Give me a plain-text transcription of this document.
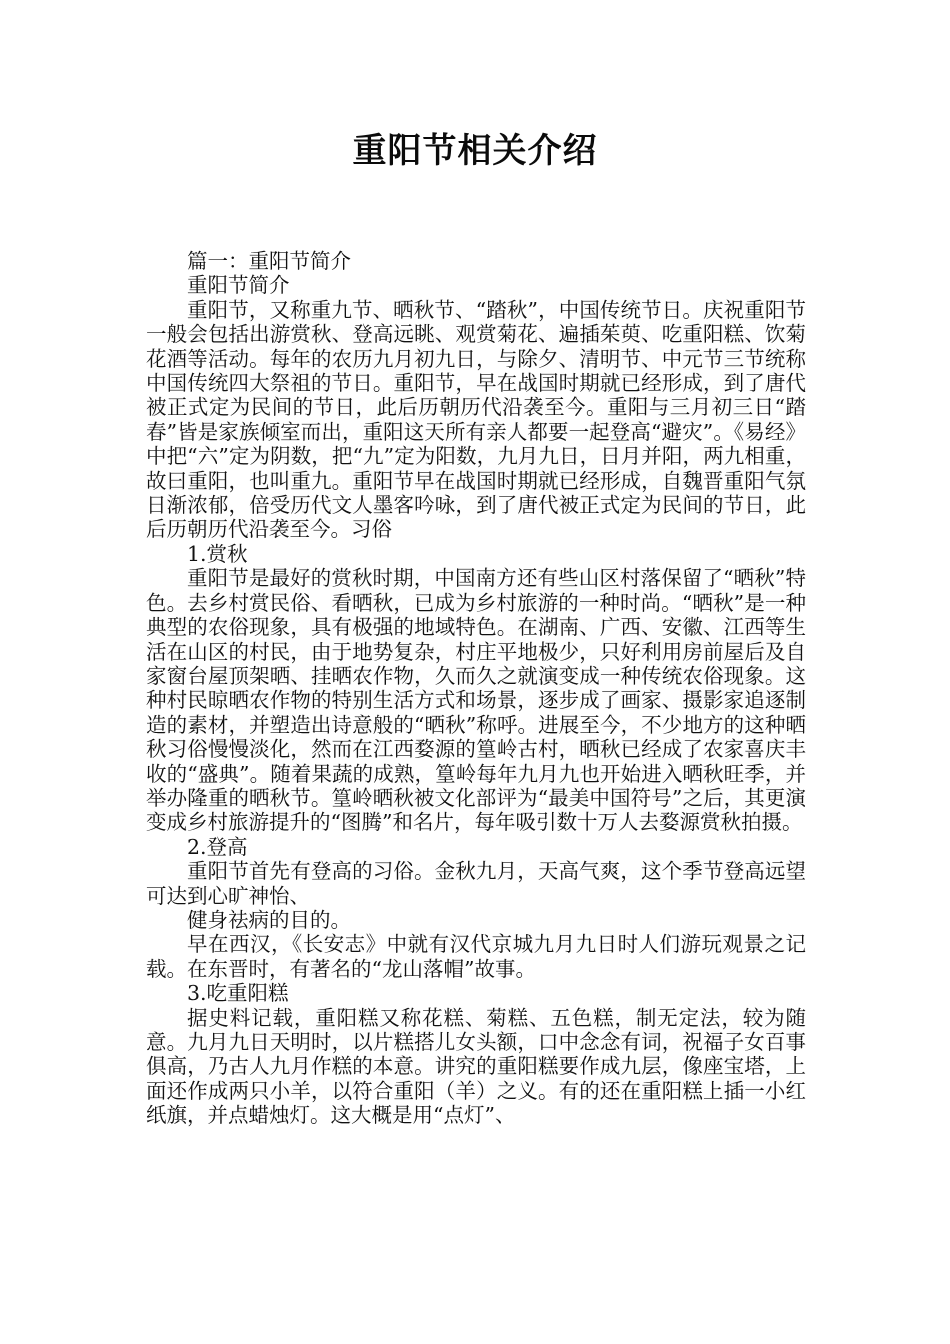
重阳节相关介绍

篇一：重阳节简介

重阳节简介

重阳节，又称重九节、晒秋节、“踏秋”，中国传统节日。庆祝重阳节一般会包括出游赏秋、登高远眺、观赏菊花、遍插茱萸、吃重阳糕、饮菊花酒等活动。每年的农历九月初九日，与除夕、清明节、中元节三节统称中国传统四大祭祖的节日。重阳节，早在战国时期就已经形成，到了唐代被正式定为民间的节日，此后历朝历代沿袭至今。重阳与三月初三日“踏春”皆是家族倾室而出，重阳这天所有亲人都要一起登高“避灾”。《易经》中把“六”定为阴数，把“九”定为阳数，九月九日，日月并阳，两九相重，故曰重阳，也叫重九。重阳节早在战国时期就已经形成，自魏晋重阳气氛日渐浓郁，倍受历代文人墨客吟咏，到了唐代被正式定为民间的节日，此后历朝历代沿袭至今。习俗

1.赏秋

重阳节是最好的赏秋时期，中国南方还有些山区村落保留了“晒秋”特色。去乡村赏民俗、看晒秋，已成为乡村旅游的一种时尚。“晒秋”是一种典型的农俗现象，具有极强的地域特色。在湖南、广西、安徽、江西等生活在山区的村民，由于地势复杂，村庄平地极少，只好利用房前屋后及自家窗台屋顶架晒、挂晒农作物，久而久之就演变成一种传统农俗现象。这种村民晾晒农作物的特别生活方式和场景，逐步成了画家、摄影家追逐制造的素材，并塑造出诗意般的“晒秋”称呼。进展至今，不少地方的这种晒秋习俗慢慢淡化，然而在江西婺源的篁岭古村，晒秋已经成了农家喜庆丰收的“盛典”。随着果蔬的成熟，篁岭每年九月九也开始进入晒秋旺季，并举办隆重的晒秋节。篁岭晒秋被文化部评为“最美中国符号”之后，其更演变成乡村旅游提升的“图腾”和名片，每年吸引数十万人去婺源赏秋拍摄。

2.登高

重阳节首先有登高的习俗。金秋九月，天高气爽，这个季节登高远望可达到心旷神怡、

健身祛病的目的。

早在西汉，《长安志》中就有汉代京城九月九日时人们游玩观景之记载。在东晋时，有著名的“龙山落帽”故事。

3.吃重阳糕

据史料记载，重阳糕又称花糕、菊糕、五色糕，制无定法，较为随意。九月九日天明时，以片糕搭儿女头额，口中念念有词，祝福子女百事俱高，乃古人九月作糕的本意。讲究的重阳糕要作成九层，像座宝塔，上面还作成两只小羊，以符合重阳（羊）之义。有的还在重阳糕上插一小红纸旗，并点蜡烛灯。这大概是用“点灯”、
